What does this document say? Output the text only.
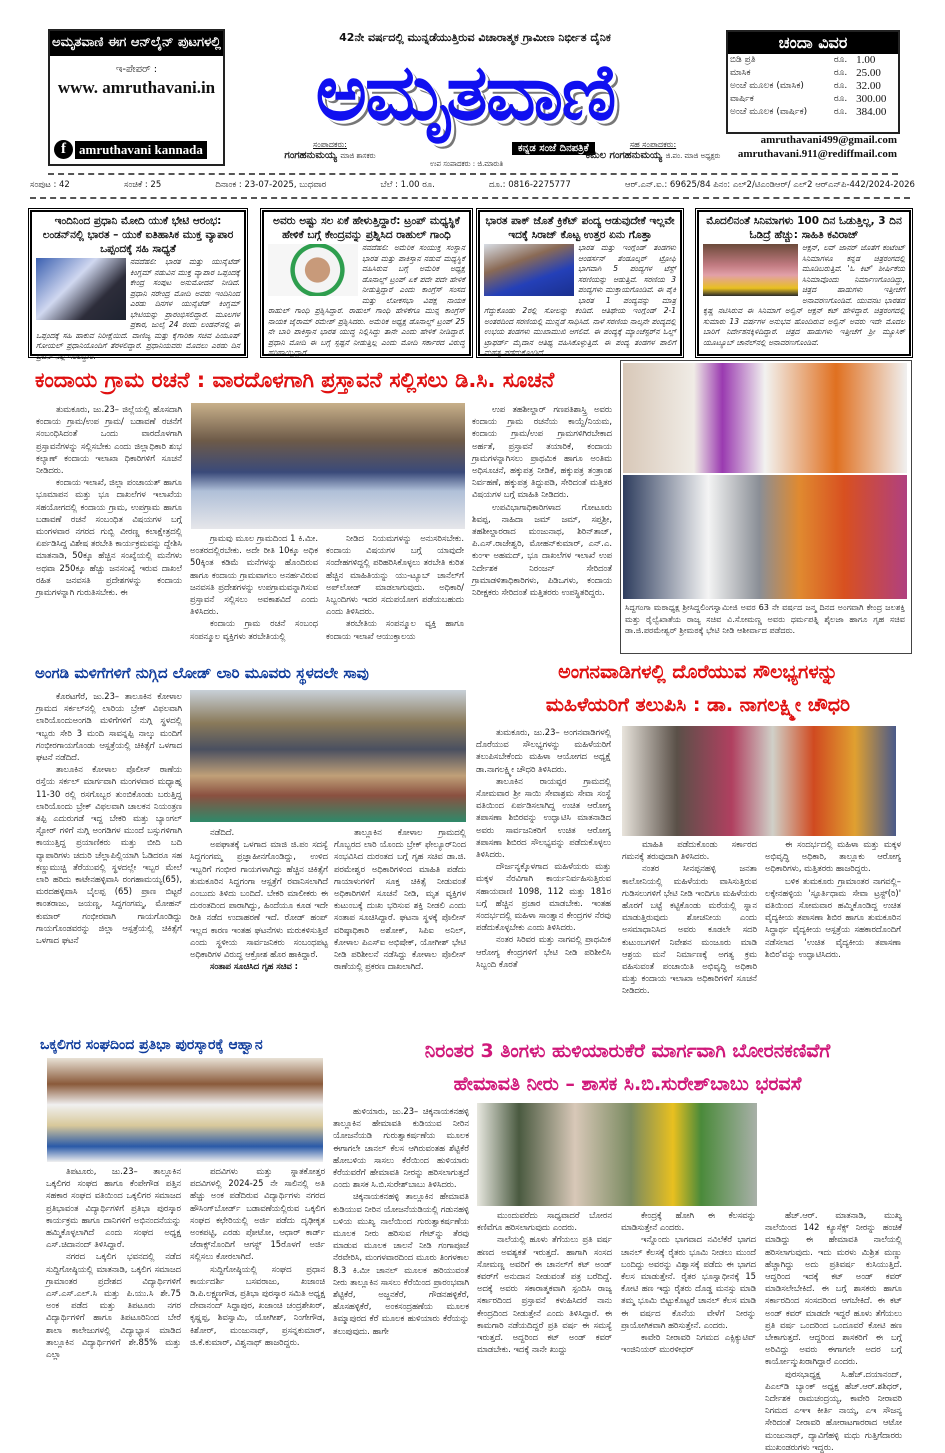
ಅಮೃತವಾಣಿ ಈಗ ಆನ್‌ಲೈನ್ ಪುಟಗಳಲ್ಲಿ
ಇ-ಪೇಪರ್ :
www. amruthavani.in
f	amruthavani kannada
42ನೇ ವರ್ಷದಲ್ಲಿ ಮುನ್ನಡೆಯುತ್ತಿರುವ ವಿಚಾರಾತ್ಮಕ ಗ್ರಾಮೀಣ ನಿರ್ಭೀತ ದೈನಿಕ
ಅಮೃತವಾಣಿ
ಸಂಪಾದಕರು:
ಗಂಗಹನುಮಯ್ಯ ಮಾಜಿ ಶಾಸಕರು
ಕನ್ನಡ ಸಂಜೆ ದಿನಪತ್ರಿಕೆ
ಉಪ ಸಂಪಾದಕರು : ಜಿ.ಮಾರುತಿ
ಸಹ ಸಂಪಾದಕರು:
ಕಮಲ ಗಂಗಹನುಮಯ್ಯ ಜಿ.ಪಂ. ಮಾಜಿ ಅಧ್ಯಕ್ಷರು
ಚಂದಾ ವಿವರ
ಬಿಡಿ ಪ್ರತಿ	ರೂ.	1.00
ಮಾಸಿಕ	ರೂ.	25.00
ಅಂಚೆ ಮೂಲಕ (ಮಾಸಿಕ)	ರೂ.	32.00
ವಾರ್ಷಿಕ	ರೂ.	300.00
ಅಂಚೆ ಮೂಲಕ (ವಾರ್ಷಿಕ)	ರೂ.	384.00
amruthavani499@gmail.com
amruthavani.911@rediffmail.com
ಸಂಪುಟ : 42	ಸಂಚಿಕೆ : 25	ದಿನಾಂಕ : 23-07-2025, ಬುಧವಾರ	ಬೆಲೆ : 1.00 ರೂ.	ದೂ.: 0816-2275777	ಆರ್.ಎನ್.ಐ.: 69625/84 ಪಿನಂ: ಎಲ್2/ಟಿಎಂಡಿಆರ್/ ಎಲ್2 ಆರ್‌ಎನ್‌ಪಿ-442/2024-2026
ಇಂದಿನಿಂದ ಪ್ರಧಾನಿ ಮೋದಿ ಯುಕೆ ಭೇಟಿ ಆರಂಭ: ಲಂಡನ್‌ನಲ್ಲಿ ಭಾರತ – ಯುಕೆ ಐತಿಹಾಸಿಕ ಮುಕ್ತ ವ್ಯಾಪಾರ ಒಪ್ಪಂದಕ್ಕೆ ಸಹಿ ಸಾಧ್ಯತೆ
ನವದೆಹಲಿ: ಭಾರತ ಮತ್ತು ಯುನೈಟೆಡ್ ಕಿಂಗ್ಡಮ್ ನಡುವಿನ ಮುಕ್ತ ವ್ಯಾಪಾರ ಒಪ್ಪಂದಕ್ಕೆ ಕೇಂದ್ರ ಸಂಪುಟ ಅನುಮೋದನೆ ನೀಡಿದೆ. ಪ್ರಧಾನಿ ನರೇಂದ್ರ ಮೋದಿ ಅವರು ಇಂದಿನಿಂದ ಎರಡು ದಿನಗಳ ಯುನೈಟೆಡ್ ಕಿಂಗ್ಡಮ್ ಭೇಟಿಯನ್ನು ಪ್ರಾರಂಭಿಸಲಿದ್ದಾರೆ. ಮೂಲಗಳ ಪ್ರಕಾರ, ಜುಲೈ 24 ರಂದು ಲಂಡನ್‌ನಲ್ಲಿ ಈ ಒಪ್ಪಂದಕ್ಕೆ ಸಹಿ ಹಾಕುವ ನಿರೀಕ್ಷೆಯಿದೆ. ವಾಣಿಜ್ಯ ಮತ್ತು ಕೈಗಾರಿಕಾ ಸಚಿವ ಪಿಯೂಷ್ ಗೋಯಲ್ ಪ್ರಧಾನಿಯೊಂದಿಗೆ ತೆರಳಲಿದ್ದಾರೆ. ಪ್ರಧಾನಿಯವರು ಮೊದಲು ಎರಡು ದಿನ ಬ್ರಿಟನ್ ನಲ್ಲಿ ಇರಲಿದ್ದಾರೆ.
ಅವರು ಅಷ್ಟು ಸಲ ಏಕೆ ಹೇಳುತ್ತಿದ್ದಾರೆ: ಟ್ರಂಪ್ ಮಧ್ಯಸ್ಥಿಕೆ ಹೇಳಿಕೆ ಬಗ್ಗೆ ಕೇಂದ್ರವನ್ನು ಪ್ರಶ್ನಿಸಿದ ರಾಹುಲ್ ಗಾಂಧಿ
ನವದೆಹಲಿ: ಅಮೆರಿಕ ಸಂಯುಕ್ತ ಸಂಸ್ಥಾನ ಭಾರತ ಮತ್ತು ಪಾಕಿಸ್ತಾನ ನಡುವೆ ಮಧ್ಯಸ್ಥಿಕೆ ವಹಿಸಿರುವ ಬಗ್ಗೆ ಅಮೆರಿಕ ಅಧ್ಯಕ್ಷ ಡೊನಾಲ್ಡ್ ಟ್ರಂಪ್ ಏಕೆ ಪದೇ ಪದೇ ಹೇಳಿಕೆ ನೀಡುತ್ತಿದ್ದಾರೆ ಎಂದು ಕಾಂಗ್ರೆಸ್ ಸಂಸದ ಮತ್ತು ಲೋಕಸಭಾ ವಿಪಕ್ಷ ನಾಯಕ ರಾಹುಲ್ ಗಾಂಧಿ ಪ್ರಶ್ನಿಸಿದ್ದಾರೆ. ರಾಹುಲ್ ಗಾಂಧಿ ಹೇಳಿಕೆಗೂ ಮುನ್ನ ಕಾಂಗ್ರೆಸ್ ನಾಯಕ ಜೈರಾಮ್ ರಮೇಶ್ ಪ್ರಶ್ನಿಸಿದರು. ಅಮೆರಿಕ ಅಧ್ಯಕ್ಷ ಡೊನಾಲ್ಡ್ ಟ್ರಂಪ್ 25 ನೇ ಬಾರಿ ಪಾಕಿಸ್ತಾನ ಭಾರತ ಯುದ್ಧ ನಿಲ್ಲಿಸಿದ್ದು ತಾನೇ ಎಂದು ಹೇಳಿಕೆ ನೀಡಿದ್ದಾರೆ. ಪ್ರಧಾನಿ ಮೋದಿ ಈ ಬಗ್ಗೆ ಸ್ಪಷ್ಟನೆ ನೀಡುತ್ತಿಲ್ಲ ಎಂದು ಮೋದಿ ಸರ್ಕಾರದ ವಿರುದ್ಧ ಹರಿಹಾಯ್ದಿದ್ದಾರೆ.
ಭಾರತ ಪಾಕ್ ಜೊತೆ ಕ್ರಿಕೆಟ್ ಪಂದ್ಯ ಆಡುವುದೇಕೆ ಇಲ್ಲವೇ ಇದಕ್ಕೆ ಸಿರಾಜ್ ಕೊಟ್ಟ ಉತ್ತರ ಏನು ಗೊತ್ತಾ
ಭಾರತ ಮತ್ತು ಇಂಗ್ಲೆಂಡ್ ತಂಡಗಳು ಆಂಡರ್ಸನ್ ತೆಂಡೂಲ್ಕರ್ ಟ್ರೋಫಿ ಭಾಗವಾಗಿ 5 ಪಂದ್ಯಗಳ ಟೆಸ್ಟ್ ಸರಣಿಯನ್ನು ಆಡುತ್ತಿವೆ. ಸರಣಿಯ 3 ಪಂದ್ಯಗಳು ಮುಕ್ತಾಯಗೊಂಡಿವೆ. ಈ ಪೈಕಿ ಭಾರತ 1 ಪಂದ್ಯವನ್ನು ಮಾತ್ರ ಗೆದ್ದುಕೊಂಡು 2ರಲ್ಲಿ ಸೋಲನ್ನು ಕಂಡಿದೆ. ಆತಿಥೇಯ ಇಂಗ್ಲೆಂಡ್ 2-1 ಅಂತರದಿಂದ ಸರಣಿಯಲ್ಲಿ ಮುನ್ನಡೆ ಸಾಧಿಸಿದೆ. ನಾಳೆ ಸರಣಿಯ ನಾಲ್ಕನೇ ಪಂದ್ಯದಲ್ಲಿ ಉಭಯ ತಂಡಗಳು ಮುಖಾಮುಖಿ ಆಗಲಿವೆ. ಈ ಪಂದ್ಯಕ್ಕೆ ಮ್ಯಾಂಚೆಸ್ಟರ್‌ನ ಓಲ್ಡ್ ಟ್ರಾಫರ್ಡ್ ಮೈದಾನ ಆತಿಥ್ಯ ವಹಿಸಿಕೊಳ್ಳುತ್ತಿದೆ. ಈ ಪಂದ್ಯ ತಂಡಗಳ ಪಾಲಿಗೆ ಮಹತ್ವ ಪಡೆದುಕೊಂಡಿದೆ.
ಮೊದಲಿನಂತೆ ಸಿನಿಮಾಗಳು 100 ದಿನ ಓಡುತ್ತಿಲ್ಲ, 3 ದಿನ ಓಡಿದ್ರೆ ಹೆಚ್ಚು: ಸಾಹಿತಿ ಕವಿರಾಜ್
ಆಕ್ಷನ್, ಲವ್ ಜಾನರ್ ಜೊತೆಗೆ ಕಂಟೆಂಟ್ ಸಿನಿಮಾಗಳೂ ಕನ್ನಡ ಚಿತ್ರರಂಗದಲ್ಲಿ ಮೂಡಿಬರುತ್ತಿವೆ. 'ಓ ಕಿಟ್' ಶೀರ್ಷಿಕೆಯ ಸಿನಿಮಾವೊಂದು ನಿರ್ಮಾಣಗೊಂಡಿದ್ದು, ಚಿತ್ರದ ಹಾಡುಗಳು ಇತ್ತೀಚೆಗೆ ಅನಾವರಣಗೊಂಡಿವೆ. ಯುವನಟ ಭಾರತದ ಕೃಷ್ಣ ನಟಿಸಿರುವ ಈ ಸಿನಿಮಾಗೆ ಅಲ್ವಿನ್ ಆಕ್ಷನ್ ಕಟ್ ಹೇಳಿದ್ದಾರೆ. ಚಿತ್ರರಂಗದಲ್ಲಿ ಸುಮಾರು 13 ವರ್ಷಗಳ ಅನುಭವ ಹೊಂದಿರುವ ಅಲ್ವಿನ್ ಅವರು ಇದೇ ಮೊದಲ ಬಾರಿಗೆ ನಿರ್ದೇಶನಕ್ಕಿಳಿದಿದ್ದಾರೆ. ಚಿತ್ರದ ಹಾಡುಗಳು ಇತ್ತೀಚೆಗೆ ಶ್ರೀ ಮ್ಯೂಸಿಕ್ ಯೂಟ್ಯೂಬ್ ಚಾನೆಲ್‌ನಲ್ಲಿ ಅನಾವರಣಗೊಂಡಿವೆ.
ಕಂದಾಯ ಗ್ರಾಮ ರಚನೆ : ವಾರದೊಳಗಾಗಿ ಪ್ರಸ್ತಾವನೆ ಸಲ್ಲಿಸಲು ಡಿ.ಸಿ. ಸೂಚನೆ

ತುಮಕೂರು, ಜು.23– ಜಿಲ್ಲೆಯಲ್ಲಿ ಹೊಸದಾಗಿ ಕಂದಾಯ ಗ್ರಾಮ/ಉಪ ಗ್ರಾಮ/ ಬಡಾವಣೆ ರಚನೆಗೆ ಸಂಬಂಧಿಸಿದಂತೆ ಒಂದು ವಾರದೊಳಗಾಗಿ ಪ್ರಸ್ತಾವನೆಗಳನ್ನು ಸಲ್ಲಿಸಬೇಕು ಎಂದು ಜಿಲ್ಲಾಧಿಕಾರಿ ಶುಭ ಕಲ್ಯಾಣ್ ಕಂದಾಯ ಇಲಾಖಾ ಧಿಕಾರಿಗಳಿಗೆ ಸೂಚನೆ ನೀಡಿದರು.

ಕಂದಾಯ ಇಲಾಖೆ, ಜಿಲ್ಲಾ ಪಂಚಾಯತ್ ಹಾಗೂ ಭೂಮಾಪನ ಮತ್ತು ಭೂ ದಾಖಲೆಗಳ ಇಲಾಖೆಯ ಸಹಯೋಗದಲ್ಲಿ ಕಂದಾಯ ಗ್ರಾಮ, ಉಪಗ್ರಾಮ ಹಾಗೂ ಬಡಾವಣೆ ರಚನೆ ಸಂಬಂಧಿತ ವಿಷಯಗಳ ಬಗ್ಗೆ ಮಂಗಳವಾರ ನಗರದ ಗುಬ್ಬಿ ವೀರಣ್ಣ ಕಲಾಕ್ಷೇತ್ರದಲ್ಲಿ ಏರ್ಪಡಿಸಿದ್ದ ವಿಶೇಷ ತರಬೇತಿ ಕಾರ್ಯಕ್ರಮವನ್ನು ದ್ದೇಶಿಸಿ ಮಾತನಾಡಿ, 50ಕ್ಕೂ ಹೆಚ್ಚಿನ ಸಂಖ್ಯೆಯಲ್ಲಿ ಮನೆಗಳು ಅಥವಾ 250ಕ್ಕೂ ಹೆಚ್ಚು ಜನಸಂಖ್ಯೆ ಇರುವ ದಾಖಲೆ ರಹಿತ ಜನವಸತಿ ಪ್ರದೇಶಗಳನ್ನು ಕಂದಾಯ ಗ್ರಾಮಗಳನ್ನಾಗಿ ಗುರುತಿಸಬೇಕು. ಈ

ಗ್ರಾಮವು ಮೂಲ ಗ್ರಾಮದಿಂದ 1 ಕಿ.ಮೀ. ಅಂತರದಲ್ಲಿರಬೇಕು. ಅದೇ ರೀತಿ 10ಕ್ಕೂ ಅಧಿಕ 50ಕ್ಕಿಂತ ಕಡಿಮೆ ಮನೆಗಳನ್ನು ಹೊಂದಿರುವ ಹಾಗೂ ಕಂದಾಯ ಗ್ರಾಮವಾಗಲು ಅನರ್ಹವಿರುವ ಜನವಸತಿ ಪ್ರದೇಶಗಳನ್ನು ಉಪಗ್ರಾಮವನ್ನಾಗಿಸುವ ಪ್ರಸ್ತಾವನೆ ಸಲ್ಲಿಸಲು ಅವಕಾಶವಿದೆ ಎಂದು ತಿಳಿಸಿದರು.

ಕಂದಾಯ ಗ್ರಾಮ ರಚನೆ ಸಂಬಂಧ ಸಂಪನ್ಮೂಲ ವ್ಯಕ್ತಿಗಳು ತರಬೇತಿಯಲ್ಲಿ

ನೀಡಿದ ನಿಯಮಗಳನ್ನು ಅನುಸರಿಸಬೇಕು. ಕಂದಾಯ ವಿಷಯಗಳ ಬಗ್ಗೆ ಯಾವುದೇ ಸಂದೇಹಗಳಿದ್ದಲ್ಲಿ ಪರಿಹರಿಸಿಕೊಳ್ಳಲು ತರಬೇತಿ ಕುರಿತ ಹೆಚ್ಚಿನ ಮಾಹಿತಿಯನ್ನು ಯು-ಟ್ಯೂಬ್ ಚಾನೆಲ್‌ಗೆ ಅಪ್‌ಲೋಡ್ ಮಾಡಲಾಗುವುದು. ಅಧಿಕಾರಿ/ಸಿಬ್ಬಂದಿಗಳು ಇದರ ಸದುಪಯೋಗ ಪಡೆಯಬಹುದು ಎಂದು ತಿಳಿಸಿದರು.

ತರಬೇತಿಯ ಸಂಪನ್ಮೂಲ ವ್ಯಕ್ತಿ ಹಾಗೂ ಕಂದಾಯ ಇಲಾಖೆ ಆಯುಕ್ತಾಲಯ

ಉಪ ತಹಶೀಲ್ದಾರ್ ಗಣಪತಿಶಾಸ್ತ್ರಿ ಅವರು ಕಂದಾಯ ಗ್ರಾಮ ರಚನೆಯ ಕಾಯ್ದೆ/ನಿಯಮ, ಕಂದಾಯ ಗ್ರಾಮ/ಉಪ ಗ್ರಾಮಗಳಿಗಿರಬೇಕಾದ ಅರ್ಹತೆ, ಪ್ರಸ್ತಾವನೆ ತಯಾರಿಕೆ, ಕಂದಾಯ ಗ್ರಾಮಗಳನ್ನಾಗಿಸಲು ಪ್ರಾಥಮಿಕ ಹಾಗೂ ಅಂತಿಮ ಅಧಿಸೂಚನೆ, ಹಕ್ಕುಪತ್ರ ನೀಡಿಕೆ, ಹಕ್ಕುಪತ್ರ ತಂತ್ರಾಂಶ ನಿರ್ವಹಣೆ, ಹಕ್ಕುಪತ್ರ ತಿದ್ದುಪಡಿ, ಸೇರಿದಂತೆ ಮತ್ತಿತರ ವಿಷಯಗಳ ಬಗ್ಗೆ ಮಾಹಿತಿ ನೀಡಿದರು.

ಉಪವಿಭಾಗಾಧಿಕಾರಿಗಳಾದ ಗೋಟೂರು ಶಿವಪ್ಪ, ನಾಹಿದಾ ಜಮ್ ಜಮ್, ಸಪ್ತಶ್ರೀ, ತಹಶೀಲ್ದಾರರಾದ ಮಂಜುನಾಥ, ಶಿರಿನ್‌ತಾಜ್, ಪಿ.ಎಸ್.ರಾಜೇಶ್ವರಿ, ಮೋಹನ್‌ಕುಮಾರ್, ಎನ್.ಎ. ಕುಂಞ ಅಹಮದ್, ಭೂ ದಾಖಲೆಗಳ ಇಲಾಖೆ ಉಪ ನಿರ್ದೇಶಕ ನಿರಂಜನ್ ಸೇರಿದಂತೆ ಗ್ರಾಮಾಡಳಿತಾಧಿಕಾರಿಗಳು, ಪಿಡಿಒಗಳು, ಕಂದಾಯ ನಿರೀಕ್ಷಕರು ಸೇರಿದಂತೆ ಮತ್ತಿತರರು ಉಪಸ್ಥಿತರಿದ್ದರು.

ಸಿದ್ದಗಂಗಾ ಮಠಾಧ್ಯಕ್ಷ ಶ್ರೀಸಿದ್ದಲಿಂಗಸ್ವಾಮೀಜಿ ಅವರ 63 ನೇ ವರ್ಷದ ಜನ್ಮ ದಿನದ ಅಂಗವಾಗಿ ಕೇಂದ್ರ ಜಲಶಕ್ತಿ ಮತ್ತು ರೈಲ್ವೆಖಾತೆಯ ರಾಜ್ಯ ಸಚಿವ ವಿ.ಸೋಮಣ್ಣ ಅವರು ಧರ್ಮಪತ್ನಿ ಶೈಲಜಾ ಹಾಗೂ ಗೃಹ ಸಚಿವ ಡಾ.ಜಿ.ಪರಮೇಶ್ವರ್ ಶ್ರೀಮಠಕ್ಕೆ ಭೇಟಿ ನೀಡಿ ಆಶೀರ್ವಾದ ಪಡೆದರು.
ಅಂಗಡಿ ಮಳಿಗೆಗಳಿಗೆ ನುಗ್ಗಿದ ಲೋಡ್ ಲಾರಿ ಮೂವರು ಸ್ಥಳದಲೇ ಸಾವು

ಕೊರಟಗೆರೆ, ಜು.23– ತಾಲೂಕಿನ ಕೋಳಾಲ ಗ್ರಾಮದ ಸರ್ಕಲ್‌ನಲ್ಲಿ ಲಾರಿಯ ಬ್ರೇಕ್ ವಿಫಲವಾಗಿ ಲಾರಿಯೊಂದುಅಂಗಡಿ ಮಳಿಗೆಗಳಿಗೆ ನುಗ್ಗಿ ಸ್ಥಳದಲ್ಲಿ ಇಬ್ಬರು ಸೇರಿ 3 ಮಂದಿ ಸಾವನ್ನಪ್ಪಿ ನಾಲ್ಕು ಮಂದಿಗೆ ಗಂಭೀರಗಾಯಗೊಂಡು ಆಸ್ಪತ್ರೆಯಲ್ಲಿ ಚಿಕಿತ್ಸೆಗೆ ಒಳಗಾದ ಘಟನೆ ನಡೆದಿದೆ.

ತಾಲೂಕಿನ ಕೋಳಾಲ ಪೊಲೀಸ್ ಠಾಣೆಯ ರಸ್ತೆಯ ಸರ್ಕಲ್ ಮಾರ್ಗವಾಗಿ ಮಂಗಳವಾರ ಮಧ್ಯಾಹ್ನ 11-30 ರಲ್ಲಿ ರಸಗೊಬ್ಬರ ತುಂಬಿಕೊಂಡು ಬರುತ್ತಿದ್ದ ಲಾರಿಯೊಂದು ಬ್ರೇಕ್ ವಿಫಲವಾಗಿ ಚಾಲಕನ ನಿಯಂತ್ರಣ ತಪ್ಪಿ ಎದುರುಗಡೆ ಇದ್ದ ಬೇಕರಿ ಮತ್ತು ಬ್ಯಾಂಗಲ್ ಸ್ಟೋರ್ ಗಳಿಗೆ ನುಗ್ಗಿ ಅಂಗಡಿಗಳ ಮುಂದೆ ಬಸ್ಸುಗಳಿಗಾಗಿ ಕಾಯುತ್ತಿದ್ದ ಪ್ರಯಾಣಿಕರು ಮತ್ತು ಬೀದಿ ಬದಿ ವ್ಯಾಪಾರಿಗಳು ಚದುರಿ ಚೆಲ್ಲಾಪಿಲ್ಲಿಯಾಗಿ ಓಡಿದರೂ ಸಹ ಕಣ್ಣುಮುಚ್ಚಿ ತೆರೆಯುವಲ್ಲಿ ಸ್ಥಳದಲ್ಲೇ ಇಬ್ಬರ ಮೇಲೆ ಲಾರಿ ಹರಿದು ಕಾಟೇನಹಳ್ಳಿವಾಸಿ ರಂಗಹಾಮಯ್ಯ(65), ಮರದಹಳ್ಳಿವಾಸಿ ಬೈಲಪ್ಪ (65) ಪ್ರಾಣ ಬಿಟ್ಟರೆ ಕಾಂತರಾಜು, ಜಯಣ್ಣ, ಸಿದ್ದಗಂಗಮ್ಮ, ಮೋಹನ್ ಕುಮಾರ್ ಗಂಭೀರವಾಗಿ ಗಾಯಗೊಂಡಿದ್ದು ಗಾಯಗೊಂಡವರನ್ನು ಜಿಲ್ಲಾ ಆಸ್ಪತ್ರೆಯಲ್ಲಿ ಚಿಕಿತ್ಸೆಗೆ ಒಳಗಾದ ಘಟನೆ

ನಡೆದಿದೆ.

ಅಪಘಾತಕ್ಕೆ ಒಳಗಾದ ಮಾಜಿ ಜಿ.ಪಂ ಸದಸ್ಯೆ ಸಿದ್ದಗಂಗಮ್ಮ ಪ್ರಜ್ಞಾಹೀನಗೊಂಡಿದ್ದು, ಉಳಿದ ಇಬ್ಬರಿಗೆ ಗಂಭೀರ ಗಾಯಗಳಾಗಿದ್ದು ಹೆಚ್ಚಿನ ಚಿಕಿತ್ಸೆಗೆ ತುಮಕೂರಿನ ಸಿದ್ದಗಂಗಾ ಆಸ್ಪತ್ರೆಗೆ ರವಾನಿಸಲಾಗಿದೆ ಎಂಬುದು ತಿಳಿದು ಬಂದಿದೆ. ಬೇಕರಿ ಮಾಲೀಕರು ಈ ದುರಂತದಿಂದ ಪಾರಾಗಿದ್ದು, ಹಿಂದೆಯೂ ಕೂಡ ಇದೇ ರೀತಿ ನಡೆದ ಉದಾಹರಣೆ ಇದೆ. ರೋಡ್ ಹಂಪ್ ಇಲ್ಲದ ಕಾರಣ ಇಂತಹ ಘಟನೆಗಳು ಮರುಕಳಿಸುತ್ತಿವೆ ಎಂದು ಸ್ಥಳೀಯ ಸಾರ್ವಜನಿಕರು ಸಂಬಂಧಪಟ್ಟ ಅಧಿಕಾರಿಗಳ ವಿರುದ್ಧ ಆಕ್ರೋಶ ಹೊರ ಹಾಕಿದ್ದಾರೆ.

ಸಂತಾಪ ಸೂಚಿಸಿದ ಗೃಹ ಸಚಿವ :

ತಾಲ್ಲೂಕಿನ ಕೋಳಾಲ ಗ್ರಾಮದಲ್ಲಿ ಗೊಬ್ಬರದ ಲಾರಿ ಯೊಂದು ಬ್ರೇಕ್ ಫೇಲ್ಯೂರ್‌ನಿಂದ ಸಂಭವಿಸಿದ ದುರಂತದ ಬಗ್ಗೆ ಗೃಹ ಸಚಿವ ಡಾ.ಜಿ. ಪರಮೇಶ್ವರ ಅಧಿಕಾರಿಗಳಿಂದ ಮಾಹಿತಿ ಪಡೆದು ಗಾಯಾಳುಗಳಿಗೆ ಸೂಕ್ತ ಚಿಕಿತ್ಸೆ ನೀಡುವಂತೆ ಅಧಿಕಾರಿಗಳಿಗೆ ಸೂಚನೆ ನೀಡಿ, ಮೃತ ವ್ಯಕ್ತಿಗಳ ಕುಟುಂಬಕ್ಕೆ ದುಃಖ ಭರಿಸುವ ಶಕ್ತಿ ನೀಡಲಿ ಎಂದು ಸಂತಾಪ ಸೂಚಿಸಿದ್ದಾರೆ. ಘಟನಾ ಸ್ಥಳಕ್ಕೆ ಪೊಲೀಸ್ ವರಿಷ್ಠಾಧಿಕಾರಿ ಅಶೋಕ್, ಸಿಪಿಐ ಅನಿಲ್, ಕೋಳಾಲ ಪಿಎಸ್‌ಐ ಅಭಿಷೇಕ್, ಯೋಗೀಶ್ ಭೇಟಿ ನೀಡಿ ಪರಿಶೀಲನೆ ನಡೆಸಿದ್ದು ಕೋಳಾಲ ಪೊಲೀಸ್ ಠಾಣೆಯಲ್ಲಿ ಪ್ರಕರಣ ದಾಖಲಾಗಿದೆ.

ಅಂಗನವಾಡಿಗಳಲ್ಲಿ ದೊರೆಯುವ ಸೌಲಭ್ಯಗಳನ್ನು
ಮಹಿಳೆಯರಿಗೆ ತಲುಪಿಸಿ : ಡಾ. ನಾಗಲಕ್ಷ್ಮೀ ಚೌಧರಿ

ತುಮಕೂರು, ಜು.23– ಅಂಗನವಾಡಿಗಳಲ್ಲಿ ದೊರೆಯುವ ಸೌಲಭ್ಯಗಳನ್ನು ಮಹಿಳೆಯರಿಗೆ ತಲುಪಿಸಬೇಕೆಂದು ಮಹಿಳಾ ಆಯೋಗದ ಅಧ್ಯಕ್ಷೆ ಡಾ.ನಾಗಲಕ್ಷ್ಮೀ ಚೌಧರಿ ತಿಳಿಸಿದರು.

ತಾಲೂಕಿನ ರಾಯವ್ಪರ ಗ್ರಾಮದಲ್ಲಿ ಸೋಮವಾರ ಶ್ರೀ ಸಾಯಿ ಸೇವಾಶ್ರಮ ಸೇವಾ ಸಂಸ್ಥೆ ವತಿಯಿಂದ ಏರ್ಪಡಿಸಲಾಗಿದ್ದ ಉಚಿತ ಆರೋಗ್ಯ ತಪಾಸಣಾ ಶಿಬಿರವನ್ನು ಉದ್ಘಾಟಿಸಿ ಮಾತನಾಡಿದ ಅವರು ಸಾರ್ವಜನಿಕರಿಗೆ ಉಚಿತ ಆರೋಗ್ಯ ತಪಾಸಣಾ ಶಿಬಿರದ ಸೌಲಭ್ಯವನ್ನು ಪಡೆದುಕೊಳ್ಳಲು ತಿಳಿಸಿದರು.

ದೌರ್ಜನ್ಯಕ್ಕೊಳಗಾದ ಮಹಿಳೆಯರು ಮತ್ತು ಮಕ್ಕಳ ನೆರವಿಗಾಗಿ ಕಾರ್ಯನಿರ್ವಹಿಸುತ್ತಿರುವ ಸಹಾಯವಾಣಿ 1098, 112 ಮತ್ತು 181ರ ಬಗ್ಗೆ ಹೆಚ್ಚಿನ ಪ್ರಚಾರ ಮಾಡಬೇಕು. ಇಂತಹ ಸಂದರ್ಭದಲ್ಲಿ ಮಹಿಳಾ ಸಾಂತ್ವಾನ ಕೇಂದ್ರಗಳ ನೆರವು ಪಡೆದುಕೊಳ್ಳಬೇಕು ಎಂದು ತಿಳಿಸಿದರು.

ನಂತರ ಸಿರಿವರ ಮತ್ತು ನಾಗವಲ್ಲಿ ಪ್ರಾಥಮಿಕ ಆರೋಗ್ಯ ಕೇಂದ್ರಗಳಿಗೆ ಭೇಟಿ ನೀಡಿ ಪರಿಶೀಲಿಸಿ ಸಿಬ್ಬಂದಿ ಕೊರತೆ

ಮಾಹಿತಿ ಪಡೆದುಕೊಂಡು ಸರ್ಕಾರದ ಗಮನಕ್ಕೆ ತರುವುದಾಗಿ ತಿಳಿಸಿದರು.

ನಂತರ ಸೀನಪ್ಪನಹಳ್ಳಿ ಜನತಾ ಕಾಲೋನಿಯಲ್ಲಿ ಮಹಿಳೆಯರು ವಾಸಿಸುತ್ತಿರುವ ಗುಡಿಸಲುಗಳಿಗೆ ಭೇಟಿ ನೀಡಿ ಇಂದಿಗೂ ಮಹಿಳೆಯರು ಹೊರಗೆ ಬಟ್ಟೆ ಕಟ್ಟಿಕೊಂಡು ಮರೆಯಲ್ಲಿ ಸ್ನಾನ ಮಾಡುತ್ತಿರುವುದು ಶೋಚನೀಯ ಎಂದು ಅಸಮಾಧಾನಿಸಿದ ಅವರು ಕೂಡಲೇ ಸದರಿ ಕುಟುಂಬಗಳಿಗೆ ನಿವೇಶನ ಮಂಜೂರು ಮಾಡಿ ಆಶ್ರಯ ಮನೆ ನಿರ್ಮಾಣಕ್ಕೆ ಅಗತ್ಯ ಕ್ರಮ ವಹಿಸುವಂತೆ ಪಂಚಾಯಿತಿ ಅಭಿವೃದ್ಧಿ ಅಧಿಕಾರಿ ಮತ್ತು ಕಂದಾಯ ಇಲಾಖಾ ಅಧಿಕಾರಿಗಳಿಗೆ ಸೂಚನೆ ನೀಡಿದರು.

ಈ ಸಂದರ್ಭದಲ್ಲಿ ಮಹಿಳಾ ಮತ್ತು ಮಕ್ಕಳ ಅಭಿವೃದ್ಧಿ ಅಧಿಕಾರಿ, ತಾಲ್ಲೂಕು ಆರೋಗ್ಯ ಅಧಿಕಾರಿಗಳು, ಮತ್ತಿತರರು ಹಾಜರಿದ್ದರು.

ಬಳಿಕ ತುಮಕೂರು ಗ್ರಾಮಾಂತರ ನಾಗವಲ್ಲಿ–ಲಕ್ಕೇನಹಳ್ಳಿಯ 'ಸ್ಫೂರ್ತಿಧಾಮ ಸೇವಾ ಟ್ರಸ್ಟ್(ರಿ)' ವತಿಯಿಂದ ಸೋಮವಾರ ಹಮ್ಮಿಕೊಂಡಿದ್ದ ಉಚಿತ ವೈದ್ಯಕೀಯ ತಪಾಸಣಾ ಶಿಬಿರ ಹಾಗೂ ತುಮಕೂರಿನ ಸಿದ್ಧಾರ್ಥ ವೈದ್ಯಕೀಯ ಆಸ್ಪತ್ರೆಯ ಸಹಕಾರದೊಂದಿಗೆ ನಡೆಸಲಾದ 'ಉಚಿತ ವೈದ್ಯಕೀಯ ತಪಾಸಣಾ ಶಿಬಿರ'ವನ್ನು ಉದ್ಘಾಟಿಸಿದರು.

ಒಕ್ಕಲಿಗರ ಸಂಘದಿಂದ ಪ್ರತಿಭಾ ಪುರಸ್ಕಾರಕ್ಕೆ ಆಹ್ವಾನ

ತಿಪಟೂರು, ಜು.23– ತಾಲ್ಲೂಕಿನ ಒಕ್ಕಲಿಗರ ಸಂಘದ ಹಾಗೂ ಕೆಂಪೇಗೌಡ ಪತ್ತಿನ ಸಹಕಾರ ಸಂಘದ ವತಿಯಿಂದ ಒಕ್ಕಲಿಗರ ಸಮಾಜದ ಪ್ರತಿಭಾವಂತ ವಿದ್ಯಾರ್ಥಿಗಳಿಗೆ ಪ್ರತಿಭಾ ಪುರಸ್ಕಾರ ಕಾರ್ಯಕ್ರಮ ಹಾಗೂ ದಾನಿಗಳಿಗೆ ಅಭಿನಂದನೆಯನ್ನು ಹಮ್ಮಿಕೊಳ್ಳಲಾಗಿದೆ ಎಂದು ಸಂಘದ ಅಧ್ಯಕ್ಷ ಎಸ್.ಚಿದಾನಂದ್ ತಿಳಿಸಿದ್ದಾರೆ.

ನಗರದ ಒಕ್ಕಲಿಗ ಭವನದಲ್ಲಿ ನಡೆದ ಸುದ್ದಿಗೋಷ್ಠಿಯಲ್ಲಿ ಮಾತನಾಡಿ, ಒಕ್ಕಲಿಗ ಸಮಾಜದ ಗ್ರಾಮಾಂತರ ಪ್ರದೇಶದ ವಿದ್ಯಾರ್ಥಿಗಳಿಗೆ ಎಸ್.ಎಸ್.ಎಲ್.ಸಿ ಮತ್ತು ಪಿ.ಯು.ಸಿ ಶೇ.75 ಅಂಕ ಪಡೆದ ಮತ್ತು ತಿಪಟೂರು ನಗರ ವಿದ್ಯಾರ್ಥಿಗಳಿಗೆ ಹಾಗೂ ತಿಪಟೂರಿನಿಂದ ಬೇರೆ ಶಾಲಾ ಕಾಲೇಜುಗಳಲ್ಲಿ ವಿದ್ಯಾಭ್ಯಾಸ ಮಾಡಿದ ತಾಲ್ಲೂಕಿನ ವಿದ್ಯಾರ್ಥಿಗಳಿಗೆ ಶೇ.85% ಮತ್ತು ಎಲ್ಲಾ

ಪದವಿಗಳು ಮತ್ತು ಸ್ನಾತಕೋತ್ತರ ಪದವಿಗಳಲ್ಲಿ 2024-25 ನೇ ಸಾಲಿನಲ್ಲಿ ಅತಿ ಹೆಚ್ಚು ಅಂಕ ಪಡೆದಿರುವ ವಿದ್ಯಾರ್ಥಿಗಳು ನಗರದ ಹೌಸಿಂಗ್‌ಬೋರ್ಡ್ ಬಡಾವಣೆಯಲ್ಲಿರುವ ಒಕ್ಕಲಿಗ ಸಂಘದ ಕಛೇರಿಯಲ್ಲಿ ಅರ್ಜಿ ಪಡೆದು ದೃಢೀಕೃತ ಅಂಕಪಟ್ಟಿ, ಎರಡು ಪೋಟೋ, ಆಧಾರ್ ಕಾರ್ಡ್ ಜೆರಾಕ್ಸ್‌ನೊಂದಿಗೆ ಆಗಸ್ಟ್ 15ರೊಳಗೆ ಅರ್ಜಿ ಸಲ್ಲಿಸಲು ಕೋರಲಾಗಿದೆ.

ಸುದ್ದಿಗೋಷ್ಠಿಯಲ್ಲಿ ಸಂಘದ ಪ್ರಧಾನ ಕಾರ್ಯದರ್ಶಿ ಬಸವರಾಜು, ಖಜಾಂಚಿ ಡಿ.ಪಿ.ಲಕ್ಷ್ಮಣಗೌಡ, ಪ್ರತಿಭಾ ಪುರಸ್ಕಾರ ಸಮಿತಿ ಅಧ್ಯಕ್ಷ ದೇವಾನಂದ್ ಸಿದ್ದಾಪುರ, ಖಜಾಂಚಿ ಚಂದ್ರಶೇಖರ್, ಕೃಷ್ಣಪ್ಪ, ಶಿವಸ್ವಾಮಿ, ಯೋಗೀಶ್, ನಿಂಗೇಗೌಡ, ಕಿಶೋರ್, ಮಂಜುನಾಥ್, ಪ್ರಸನ್ನಕುಮಾರ್, ಜಿ.ಕೆ.ಕುಮಾರ್, ವಿಶ್ವನಾಥ್ ಹಾಜರಿದ್ದರು.

ನಿರಂತರ 3 ತಿಂಗಳು ಹುಳಿಯಾರುಕೆರೆ ಮಾರ್ಗವಾಗಿ ಬೋರನಕಣಿವೆಗೆ
ಹೇಮಾವತಿ ನೀರು – ಶಾಸಕ ಸಿ.ಬಿ.ಸುರೇಶ್‌ಬಾಬು ಭರವಸೆ

ಹುಳಿಯಾರು, ಜು.23– ಚಿಕ್ಕನಾಯಕನಹಳ್ಳಿ ತಾಲ್ಲೂಕಿನ ಹೇಮಾವತಿ ಕುಡಿಯುವ ನೀರಿನ ಯೋಜನೆಯಡಿ ಗುರುತ್ವಾಕರ್ಷಣೆಯ ಮೂಲಕ ಈಗಾಗಲೇ ಚಾನಲ್ ಕೆಲಸ ಆಗಿರುವಂತಹ ಶೆಟ್ಟಿಕೆರೆ ಹೋಬಳಿಯ ಸಾಸಲು ಕೆರೆಯಿಂದ ಹುಳಿಯಾರು ಕೆರೆಯವರೆಗೆ ಹೇಮಾವತಿ ನೀರನ್ನು ಹರಿಸಲಾಗುತ್ತದೆ ಎಂದು ಶಾಸಕ ಸಿ.ಬಿ.ಸುರೇಶ್‌ಬಾಬು ತಿಳಿಸಿದರು.

ಚಿಕ್ಕನಾಯಕನಹಳ್ಳಿ ತಾಲ್ಲೂಕಿನ ಹೇಮಾವತಿ ಕುಡಿಯುವ ನೀರಿನ ಯೋಜನೆಯಡಿಯಲ್ಲಿ ಗಡುನಹಳ್ಳಿ ಬಳಿಯ ಮುಖ್ಯ ನಾಲೆಯಿಂದ ಗುರುತ್ವಾಕರ್ಷಣೆಯ ಮೂಲಕ ನೀರು ಹರಿಸುವ ಗೇಟ್‌ನ್ನು ತೆರವು ಮಾಡುವ ಮೂಲಕ ಚಾಲನೆ ನೀಡಿ ಗಂಗಾಪೂಜೆ ನೆರವೇರಿಸಿ, ಮಂಗಳವಾರದಿಂದ ಮೂರು ತಿಂಗಳಕಾಲ 8.3 ಕಿ.ಮೀ ಚಾನಲ್ ಮೂಲಕ ಹರಿಯುವಂತೆ ನೀರು ತಾಲ್ಲೂಕಿನ ಸಾಸಲು ಕೆರೆಯಿಂದ ಪ್ರಾರಂಭವಾಗಿ ಶೆಟ್ಟಿಕೆರೆ, ಅಜ್ಜನಕೆರೆ, ಗೌಡನಹಳ್ಳಿಕೆರೆ, ಹೊಸಹಳ್ಳಿಕೆರೆ, ಅಂಕಸಂದ್ರಹಣೆಯ ಮೂಲಕ ತಿಮ್ಮಾಪುರದ ಕೆರೆ ಮೂಲಕ ಹುಳಿಯಾರು ಕೆರೆಯನ್ನು ತಲುಪುವುದು. ಹಾಗೇ

ಮುಂದುವರೆದು ಸಾಧ್ಯವಾದರೆ ಬೋರನ ಕಣಿವೆಗೂ ಹರಿಸಲಾಗುವುದು ಎಂದರು.

ನಾಲೆಯಲ್ಲಿ ಹೂಳು ತೆಗೆಯಲು ಪ್ರತಿ ವರ್ಷ ಹಣದ ಅವಶ್ಯಕತೆ ಇರುತ್ತದೆ. ಹಾಗಾಗಿ ಸಂಸದ ಸೋಮಣ್ಣ ಅವರಿಗೆ ಈ ಚಾನಲ್‌ಗೆ ಕಟ್ ಅಂಡ್ ಕವರ್‌ಗೆ ಅನುದಾನ ನೀಡುವಂತೆ ಪತ್ರ ಬರೆದಿದ್ದೆ. ಅದಕ್ಕೆ ಅವರು ಸಕಾರಾತ್ಮಕವಾಗಿ ಸ್ಪಂದಿಸಿ ರಾಜ್ಯ ಸರ್ಕಾರದಿಂದ ಪ್ರಸ್ತಾವನೆ ಕಳುಹಿಸಿದರೆ ನಾನು ಕೇಂದ್ರದಿಂದ ನೀಡುತ್ತೇನೆ ಎಂದು ತಿಳಿಸಿದ್ದಾರೆ. ಈ ಕಾಮಗಾರಿ ನಡೆಯದಿದ್ದರೆ ಪ್ರತಿ ವರ್ಷ ಈ ಸಮಸ್ಯೆ ಇರುತ್ತದೆ. ಅದ್ದರಿಂದ ಕಟ್ ಅಂಡ್ ಕವರ್ ಮಾಡಬೇಕು. ಇದಕ್ಕೆ ನಾನೇ ಖುದ್ದು

ಕೇಂದ್ರಕ್ಕೆ ಹೋಗಿ ಈ ಕೆಲಸವನ್ನು ಮಾಡಿಸುತ್ತೇನೆ ಎಂದರು.

ಇನ್ನೊಂದು ಭಾಗವಾದ ನವಿಲೆಕೆರೆ ಭಾಗದ ಚಾನಲ್ ಕೆಲಸಕ್ಕೆ ರೈತರು ಭೂಮಿ ನೀಡಲು ಮುಂದೆ ಬಂದಿದ್ದು ಅವರನ್ನು ವಿಶ್ವಾಸಕ್ಕೆ ಪಡೆದು ಈ ಭಾಗದ ಕೆಲಸ ಮಾಡುತ್ತೇನೆ. ರೈತರ ಭೂಸ್ವಾಧೀನಕ್ಕೆ 15 ಕೋಟಿ ಹಣ ಇದ್ದು ರೈತರು ದೊಡ್ಡ ಮನಸ್ಸು ಮಾಡಿ ತಮ್ಮ ಭೂಮಿ ಬಿಟ್ಟುಕೊಟ್ಟರೆ ಚಾನಲ್ ಕೆಲಸ ಮಾಡಿ ಈ ವರ್ಷದ ಕೊನೆಯ ವೇಳೆಗೆ ನೀರನ್ನು ಪ್ರಾಯೋಗಿಕವಾಗಿ ಹರಿಸುತ್ತೇನೆ. ಎಂದರು.

ಕಾವೇರಿ ನೀರಾವರಿ ನಿಗಮದ ಎಕ್ಸಿಕ್ಯುಟಿವ್ ಇಂಜಿನಿಯರ್ ಮುರಳೀಧರ್

ಹೆಚ್.ಆರ್. ಮಾತನಾಡಿ, ಮುಖ್ಯ ನಾಲೆಯಿಂದ 142 ಕ್ಯೂಸೆಕ್ಸ್ ನೀರನ್ನು ಹಂಚಿಕೆ ಮಾಡಿದ್ದು ಈ ಹೇಮಾವತಿ ನಾಲೆಯಲ್ಲಿ ಹರಿಸಲಾಗುವುದು. ಇದು ಮರಳು ಮಿಶ್ರಿತ ಮಣ್ಣು ಹೆಚ್ಚಾಗಿದ್ದು ಅದು ಪ್ರತಿವರ್ಷ ಕುಸಿಯುತ್ತಿದೆ. ಆದ್ದರಿಂದ ಇದಕ್ಕೆ ಕಟ್ ಅಂಡ್ ಕವರ್ ಮಾಡಿಸಲೇಬೇಕಿದೆ. ಈ ಬಗ್ಗೆ ಶಾಸಕರು ಹಾಗೂ ಸರ್ಕಾರದಿಂದ ಸಂಸದರಿಂದ ಆಗಬೇಕಿದೆ. ಈ ಕಟ್ ಅಂಡ್ ಕವರ್ ಮಾಡದೇ ಇದ್ದರೆ ಹೂಳು ತೆಗೆಯಲು ಪ್ರತಿ ವರ್ಷ ಒಂದರಿಂದ ಒಂದೂವರೆ ಕೋಟಿ ಹಣ ಬೇಕಾಗುತ್ತದೆ. ಆದ್ದರಿಂದ ಶಾಸಕರಿಗೆ ಈ ಬಗ್ಗೆ ಅರಿವಿದ್ದು ಅವರು ಈಗಾಗಲೇ ಅದರ ಬಗ್ಗೆ ಕಾರ್ಯೋನ್ಮುಖರಾಗಿದ್ದಾರೆ ಎಂದರು.

ಪುರಸಭಾಧ್ಯಕ್ಷ ಸಿ.ಹೆಚ್.ದಯಾನಂದ್, ಪಿಎಲ್‌ಡಿ ಬ್ಯಾಂಕ್ ಅಧ್ಯಕ್ಷ ಹೆಚ್.ಆರ್.ಶಶಿಧರ್, ನಿರ್ದೇಶಕ ರಾಮಚಂದ್ರಯ್ಯ, ಕಾವೇರಿ ನೀರಾವರಿ ನಿಗಮದ ಎಇಇ ಕೀರ್ತಿ ನಾಯ್ಕ, ಎಇ ಸೌಜನ್ಯ ಸೇರಿದಂತೆ ನೀರಾವರಿ ಹೋರಾಟಗಾರರಾದ ಆಟೋ ಮಂಜುನಾಥ್, ದ್ಯಾವಿಗೆಹಳ್ಳಿ ಮಧು ಗುತ್ತಿಗೆದಾರರು ಮುಖಂಡರುಗಳು ಇದ್ದರು.
